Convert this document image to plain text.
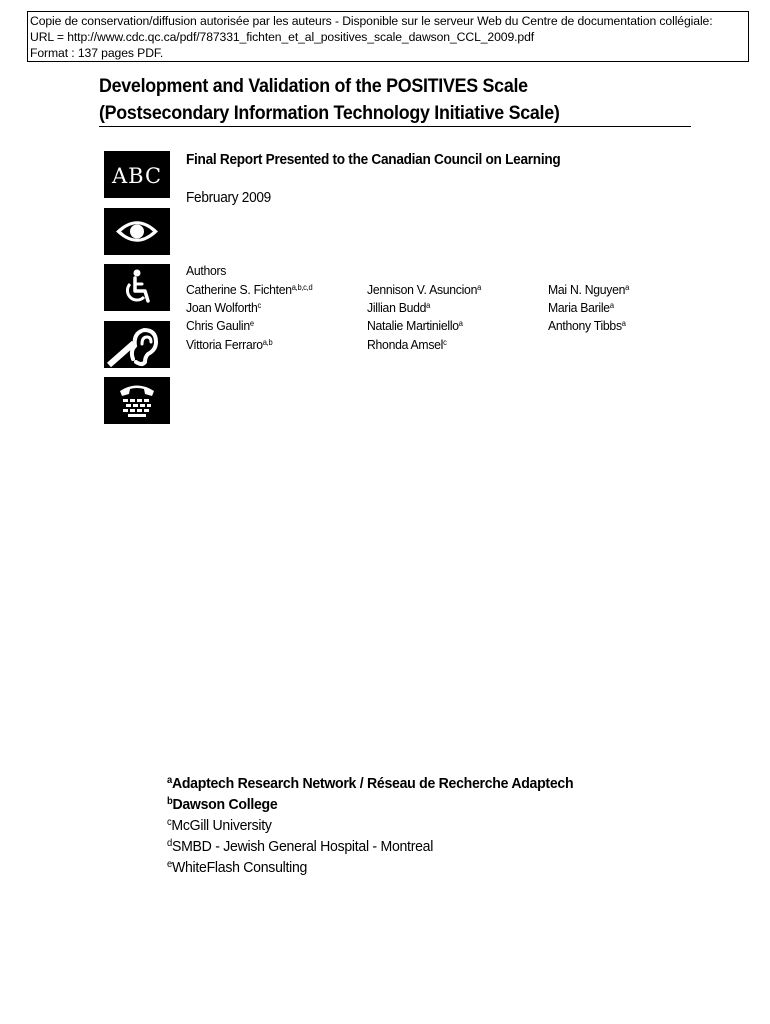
Copie de conservation/diffusion autorisée par les auteurs - Disponible sur le serveur Web du Centre de documentation collégiale:
URL = http://www.cdc.qc.ca/pdf/787331_fichten_et_al_positives_scale_dawson_CCL_2009.pdf
Format : 137 pages PDF.
Development and Validation of the POSITIVES Scale
(Postsecondary Information Technology Initiative Scale)
ABC
Final Report Presented to the Canadian Council on Learning
February 2009
Authors
Catherine S. Fichten$^{a,b,c,d}$
Joan Wolforth$^c$
Chris Gaulin$^e$
Vittoria Ferraro$^{a,b}$
Jennison V. Asuncion$^a$
Jillian Budd$^a$
Natalie Martiniello$^a$
Rhonda Amsel$^c$
Mai N. Nguyen$^a$
Maria Barile$^a$
Anthony Tibbs$^a$
$^a$Adaptech Research Network / Réseau de Recherche Adaptech
$^b$Dawson College
$^c$McGill University
$^d$SMBD - Jewish General Hospital - Montreal
$^e$WhiteFlash Consulting
